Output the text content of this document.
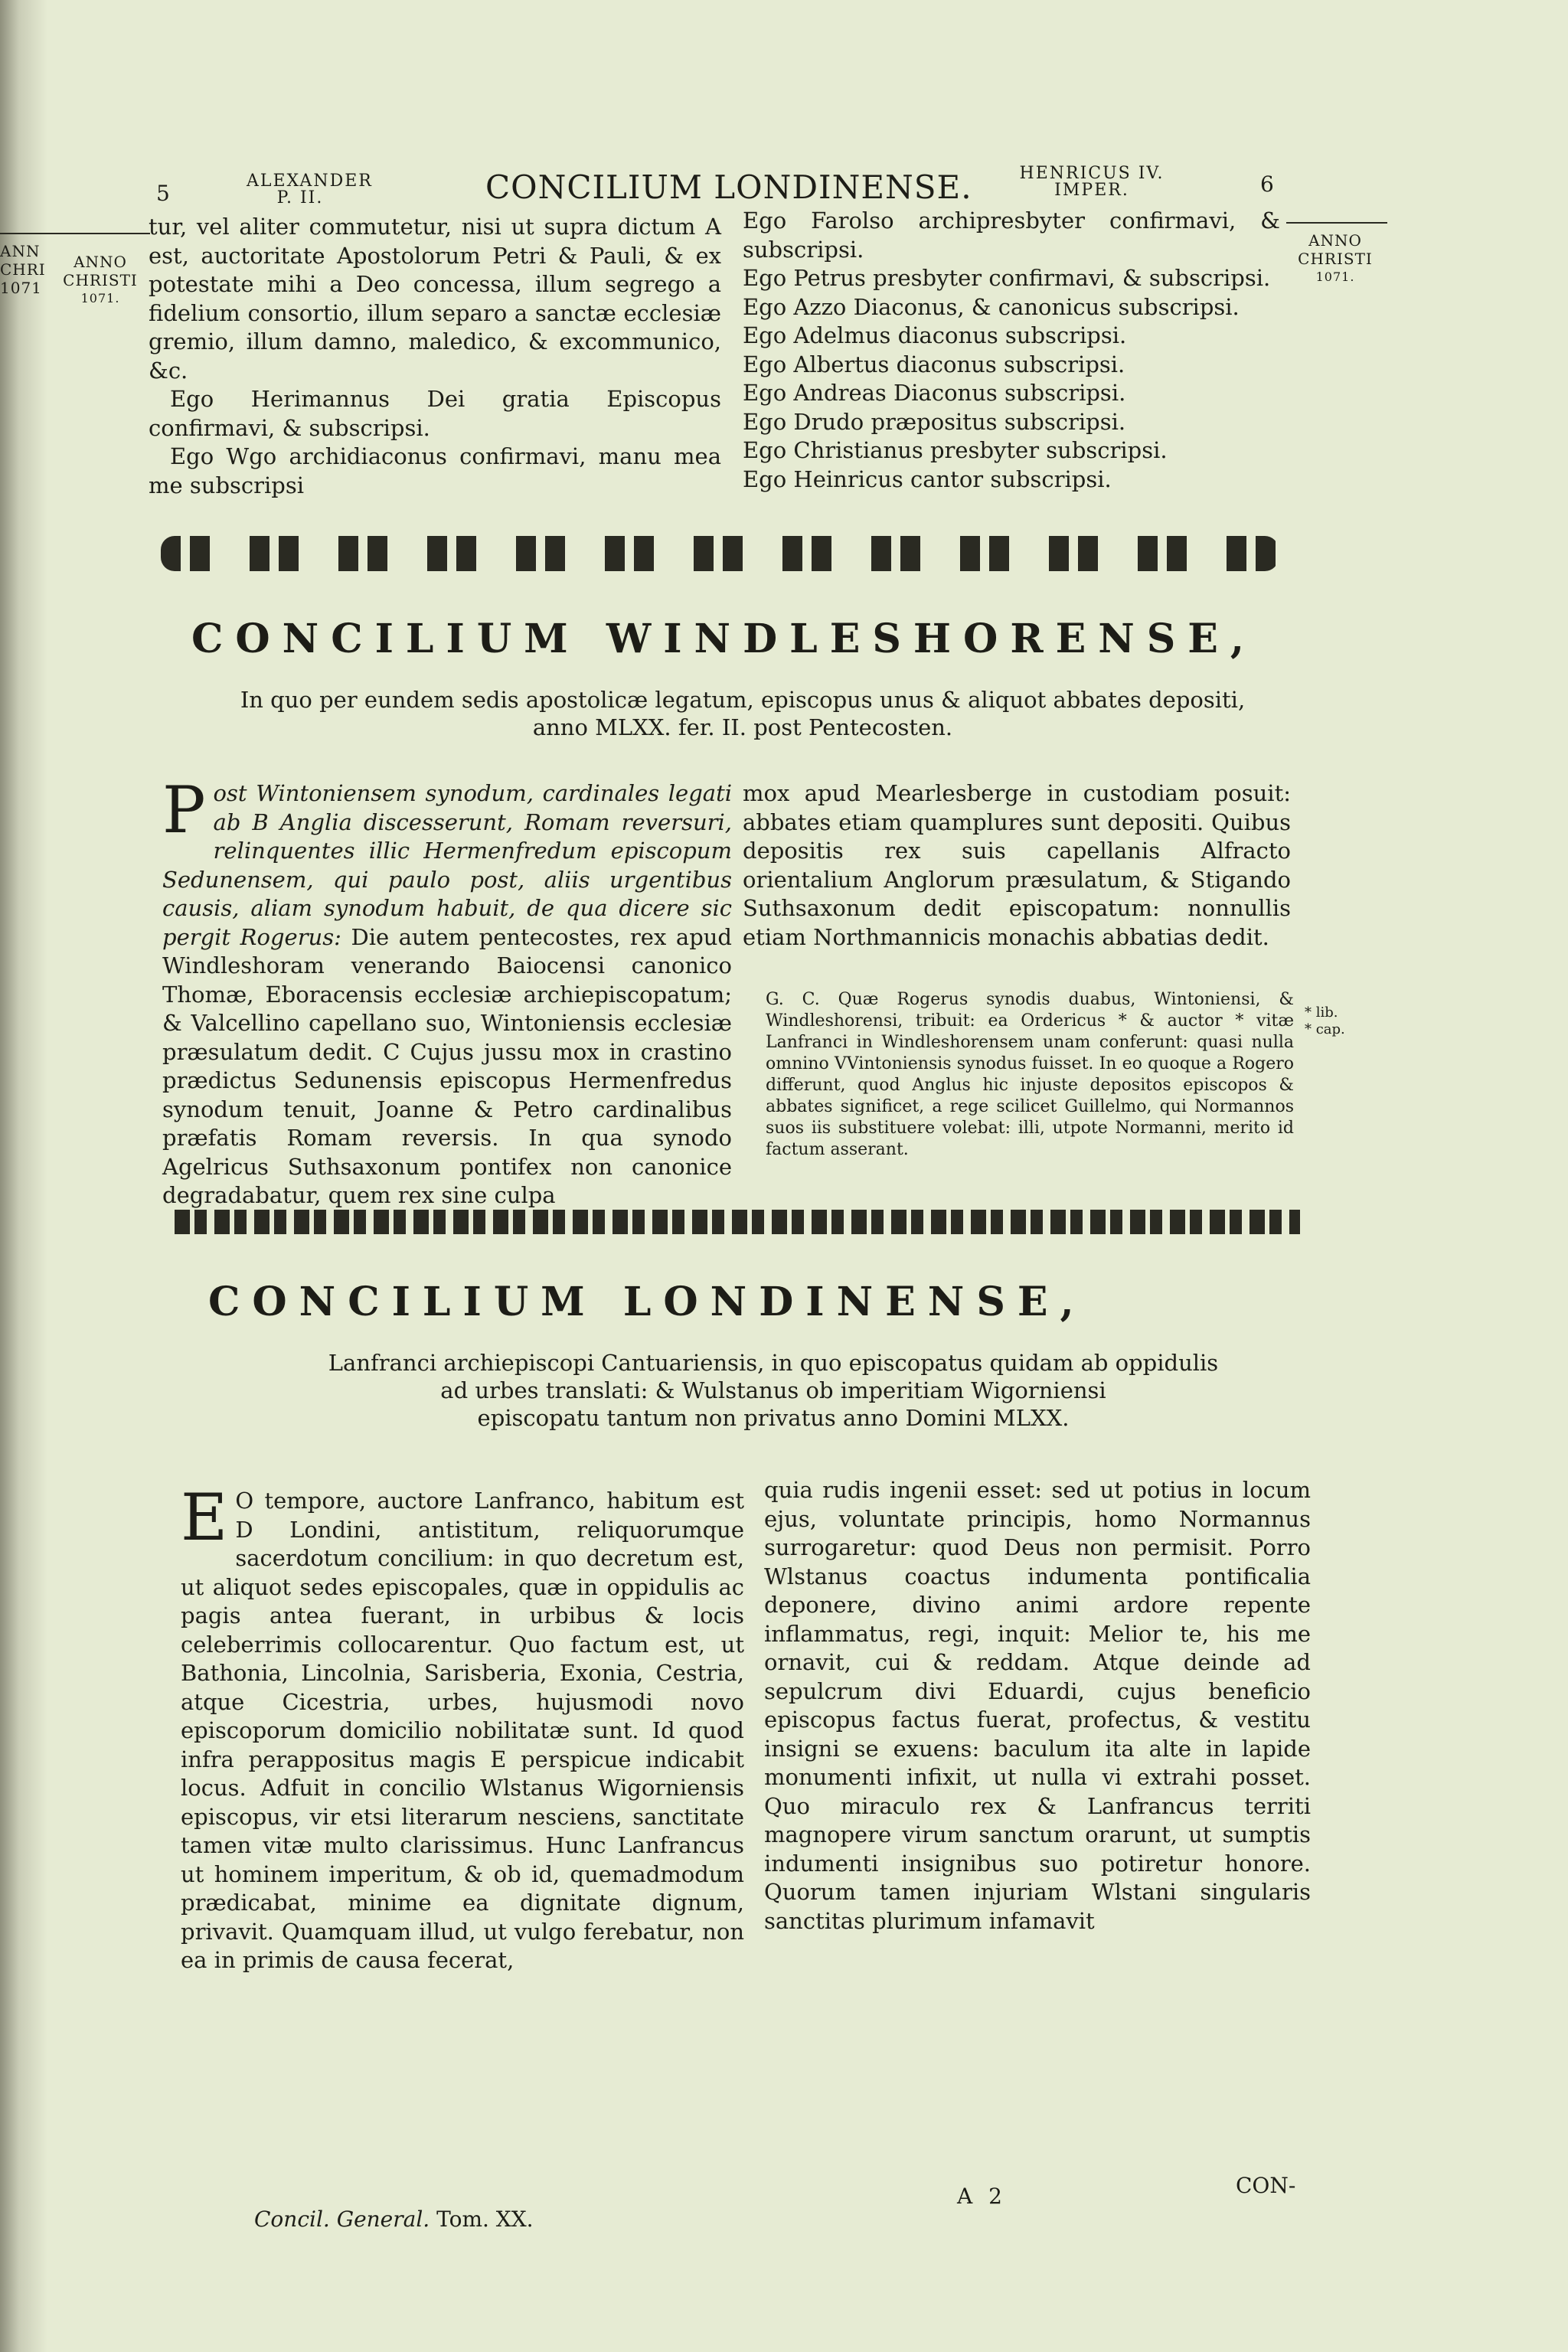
ANN
CHRI
1071
5	ALEXANDER
P. II.	CONCILIUM LONDINENSE.	HENRICUS IV.
IMPER.	6
ANNO
CHRISTI
1071.
ANNO
CHRISTI
1071.

tur, vel aliter commutetur, nisi ut supra dictum A est, auctoritate Apostolorum Petri & Pauli, & ex potestate mihi a Deo concessa, illum segrego a fidelium consortio, illum separo a sanctæ ecclesiæ gremio, illum damno, maledico, & excommunico, &c.

Ego Herimannus Dei gratia Episcopus confirmavi, & subscripsi.

Ego Wgo archidiaconus confirmavi, manu mea me subscripsi

Ego Farolso archipresbyter confirmavi, & subscripsi.

Ego Petrus presbyter confirmavi, & subscripsi.

Ego Azzo Diaconus, & canonicus subscripsi.

Ego Adelmus diaconus subscripsi.

Ego Albertus diaconus subscripsi.

Ego Andreas Diaconus subscripsi.

Ego Drudo præpositus subscripsi.

Ego Christianus presbyter subscripsi.

Ego Heinricus cantor subscripsi.

CONCILIUM WINDLESHORENSE,
In quo per eundem sedis apostolicæ legatum, episcopus unus & aliquot abbates depositi,
anno MLXX. fer. II. post Pentecosten.
P ost Wintoniensem synodum, cardinales legati ab B Anglia discesserunt, Romam reversuri, relinquentes illic Hermenfredum episcopum Sedunensem, qui paulo post, aliis urgentibus causis, aliam synodum habuit, de qua dicere sic pergit Rogerus: Die autem pentecostes, rex apud Windleshoram venerando Baiocensi canonico Thomæ, Eboracensis ecclesiæ archiepiscopatum; & Valcellino capellano suo, Wintoniensis ecclesiæ præsulatum dedit. C Cujus jussu mox in crastino prædictus Sedunensis episcopus Hermenfredus synodum tenuit, Joanne & Petro cardinalibus præfatis Romam reversis. In qua synodo Agelricus Suthsaxonum pontifex non canonice degradabatur, quem rex sine culpa

mox apud Mearlesberge in custodiam posuit: abbates etiam quamplures sunt depositi. Quibus depositis rex suis capellanis Alfracto orientalium Anglorum præsulatum, & Stigando Suthsaxonum dedit episcopatum: nonnullis etiam Northmannicis monachis abbatias dedit.

G. C. Quæ Rogerus synodis duabus, Wintoniensi, & Windleshorensi, tribuit: ea Ordericus * & auctor * vitæ Lanfranci in Windleshorensem unam conferunt: quasi nulla omnino VVintoniensis synodus fuisset. In eo quoque a Rogero differunt, quod Anglus hic injuste depositos episcopos & abbates significet, a rege scilicet Guillelmo, qui Normannos suos iis substituere volebat: illi, utpote Normanni, merito id factum asserant.
* lib.
* cap.
CONCILIUM LONDINENSE,
Lanfranci archiepiscopi Cantuariensis, in quo episcopatus quidam ab oppidulis
ad urbes translati: & Wulstanus ob imperitiam Wigorniensi
episcopatu tantum non privatus anno Domini MLXX.
E O tempore, auctore Lanfranco, habitum est D Londini, antistitum, reliquorumque sacerdotum concilium: in quo decretum est, ut aliquot sedes episcopales, quæ in oppidulis ac pagis antea fuerant, in urbibus & locis celeberrimis collocarentur. Quo factum est, ut Bathonia, Lincolnia, Sarisberia, Exonia, Cestria, atque Cicestria, urbes, hujusmodi novo episcoporum domicilio nobilitatæ sunt. Id quod infra perappositus magis E perspicue indicabit locus. Adfuit in concilio Wlstanus Wigorniensis episcopus, vir etsi literarum nesciens, sanctitate tamen vitæ multo clarissimus. Hunc Lanfrancus ut hominem imperitum, & ob id, quemadmodum prædicabat, minime ea dignitate dignum, privavit. Quamquam illud, ut vulgo ferebatur, non ea in primis de causa fecerat,

quia rudis ingenii esset: sed ut potius in locum ejus, voluntate principis, homo Normannus surrogaretur: quod Deus non permisit. Porro Wlstanus coactus indumenta pontificalia deponere, divino animi ardore repente inflammatus, regi, inquit: Melior te, his me ornavit, cui & reddam. Atque deinde ad sepulcrum divi Eduardi, cujus beneficio episcopus factus fuerat, profectus, & vestitu insigni se exuens: baculum ita alte in lapide monumenti infixit, ut nulla vi extrahi posset. Quo miraculo rex & Lanfrancus territi magnopere virum sanctum orarunt, ut sumptis indumenti insignibus suo potiretur honore. Quorum tamen injuriam Wlstani singularis sanctitas plurimum infamavit

Concil. General. Tom. XX.
A 2	CON-
